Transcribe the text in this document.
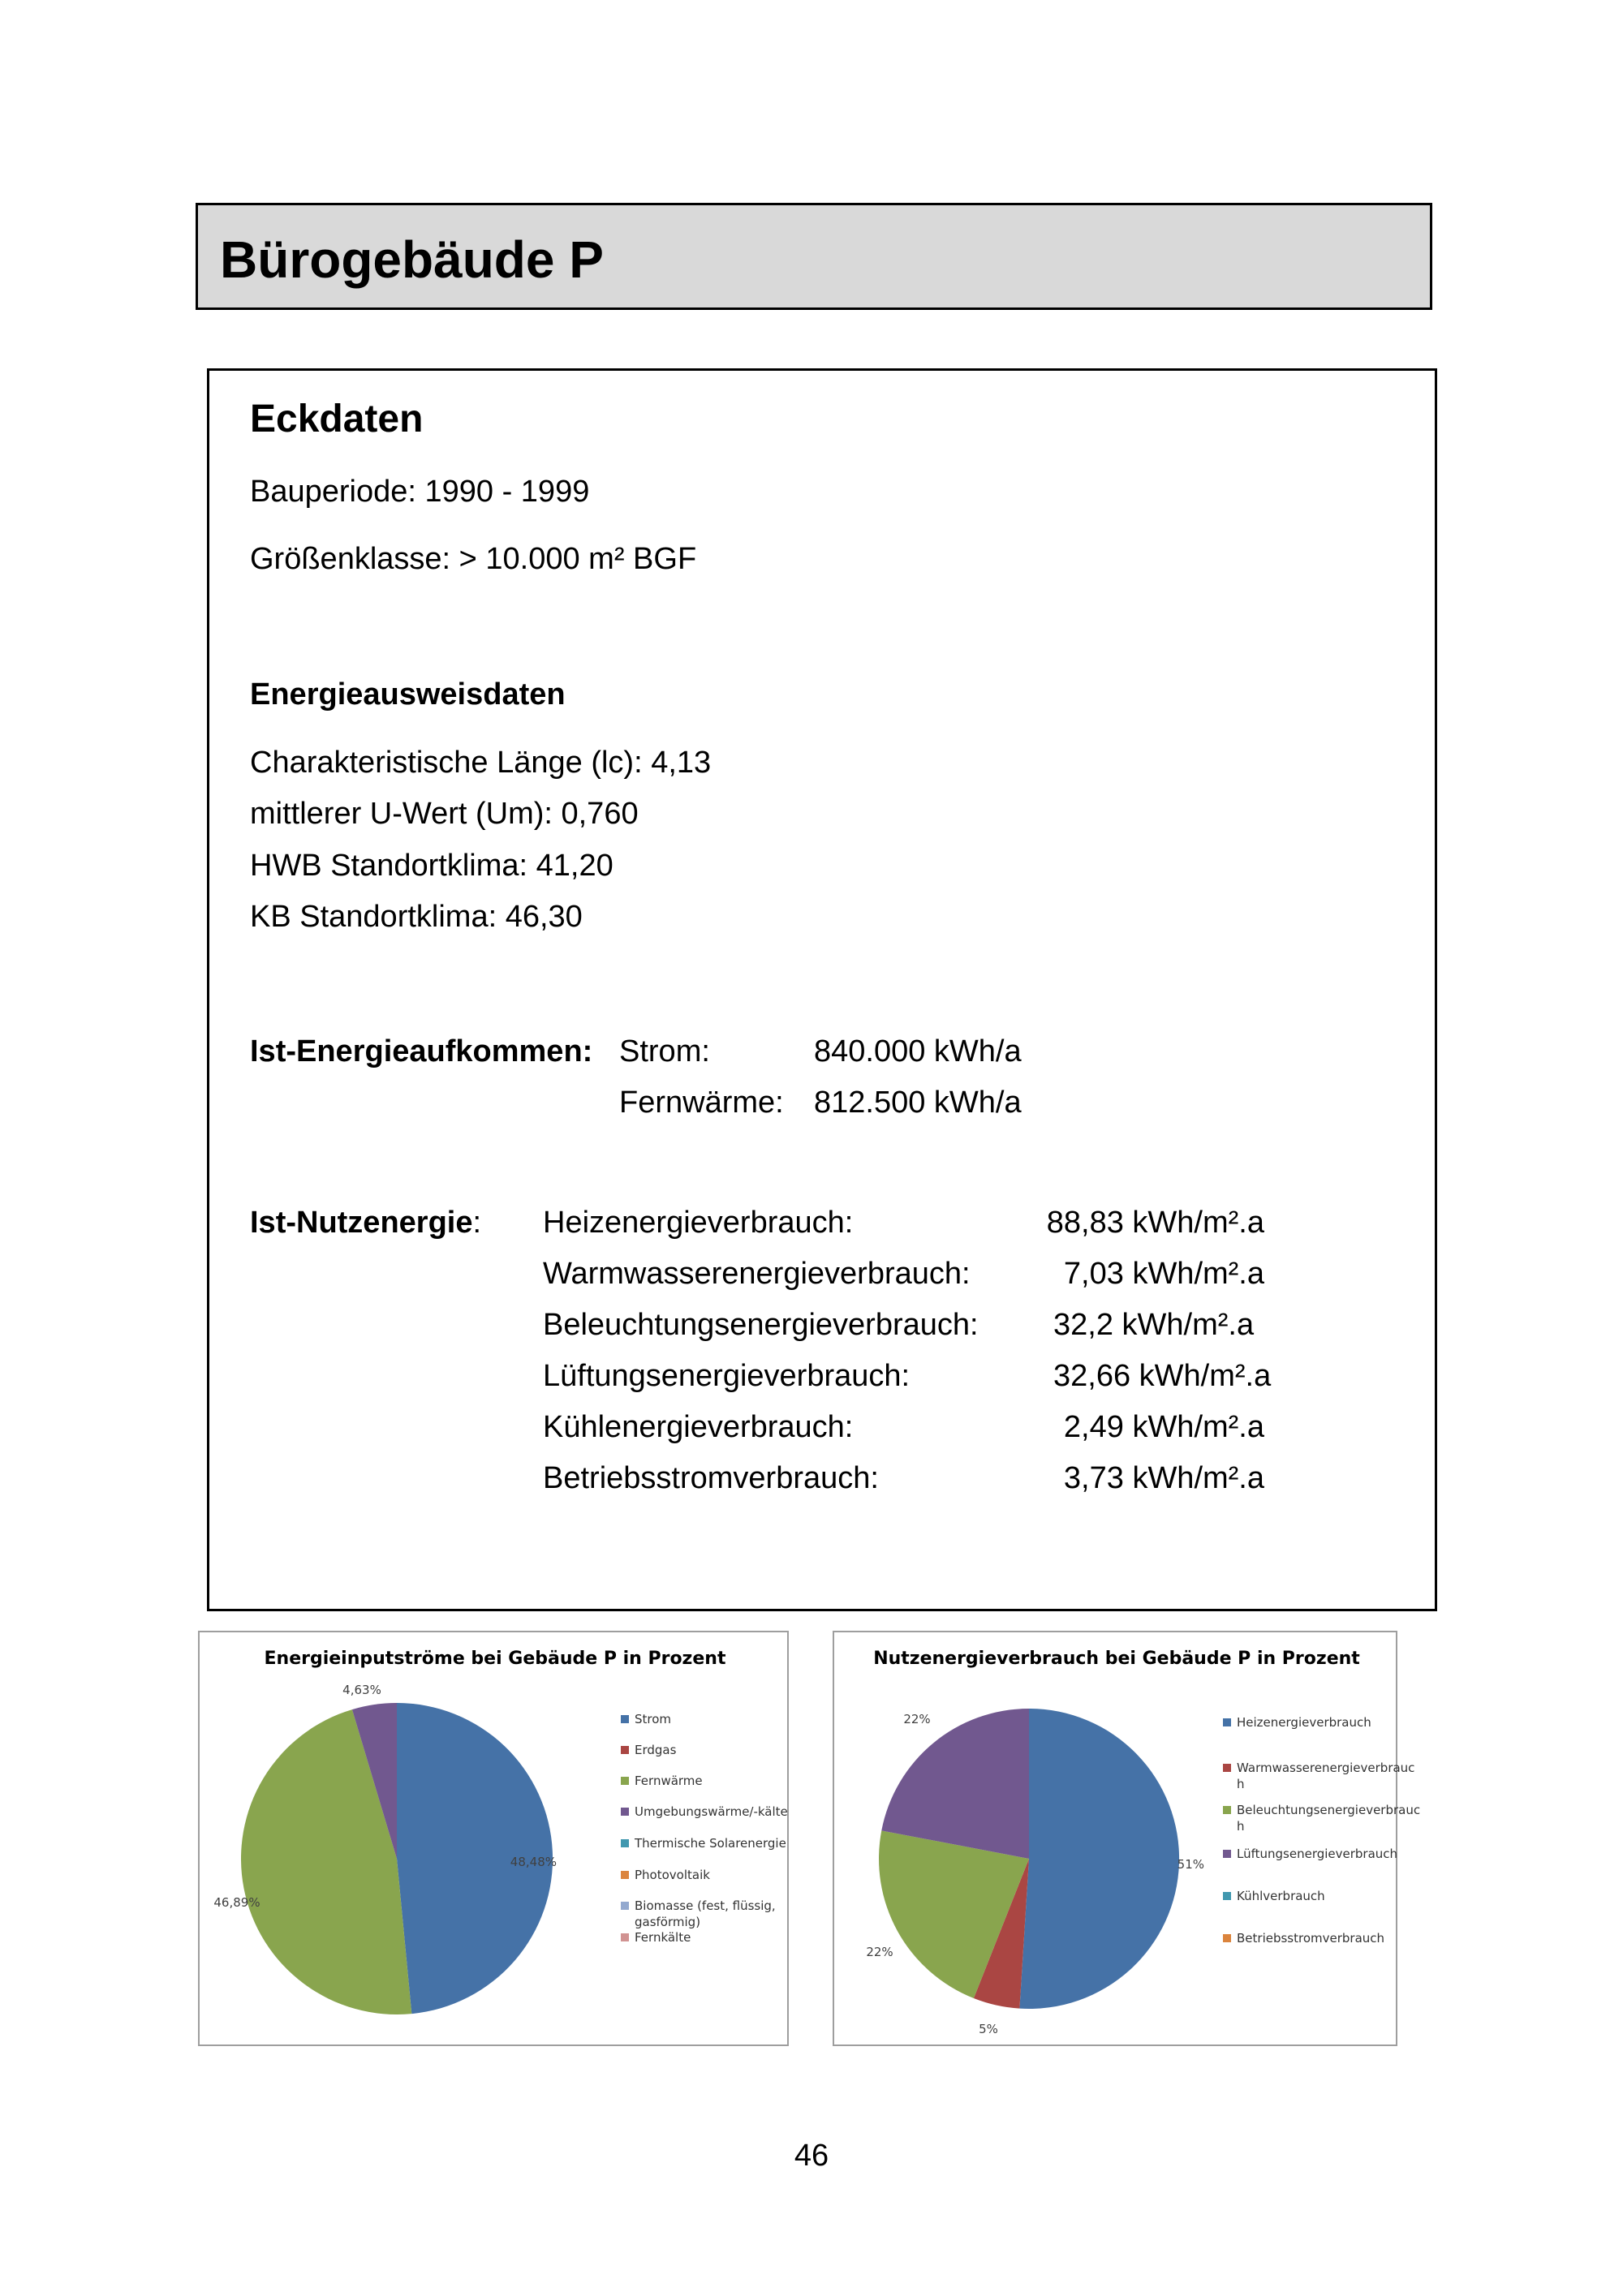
Bürogebäude P
Eckdaten
Bauperiode: 1990 - 1999
Größenklasse: > 10.000 m² BGF
Energieausweisdaten
Charakteristische Länge (lc): 4,13
mittlerer U-Wert (Um): 0,760
HWB Standortklima: 41,20
KB Standortklima: 46,30
Ist-Energieaufkommen: Strom:	840.000 kWh/a
Fernwärme: 812.500 kWh/a
Ist-Nutzenergie: Heizenergieverbrauch:	88,83 kWh/m².a
Warmwasserenergieverbrauch:	7,03 kWh/m².a
Beleuchtungsenergieverbrauch: 32,2 kWh/m².a
Lüftungsenergieverbrauch:	32,66 kWh/m².a
Kühlenergieverbrauch:	2,49 kWh/m².a
Betriebsstromverbrauch:	3,73 kWh/m².a
Energieinputströme bei Gebäude P in Prozent
48,48%
46,89%
4,63%
Strom
Erdgas
Fernwärme
Umgebungswärme/-kälte
Thermische Solarenergie
Photovoltaik
Biomasse (fest, flüssig, gasförmig)
Fernkälte
Nutzenergieverbrauch bei Gebäude P in Prozent
51%
5%
22%
22%	Heizenergieverbrauch
Warmwasserenergieverbrauc h
Beleuchtungsenergieverbrauc h
Lüftungsenergieverbrauch
Kühlverbrauch
Betriebsstromverbrauch
46
